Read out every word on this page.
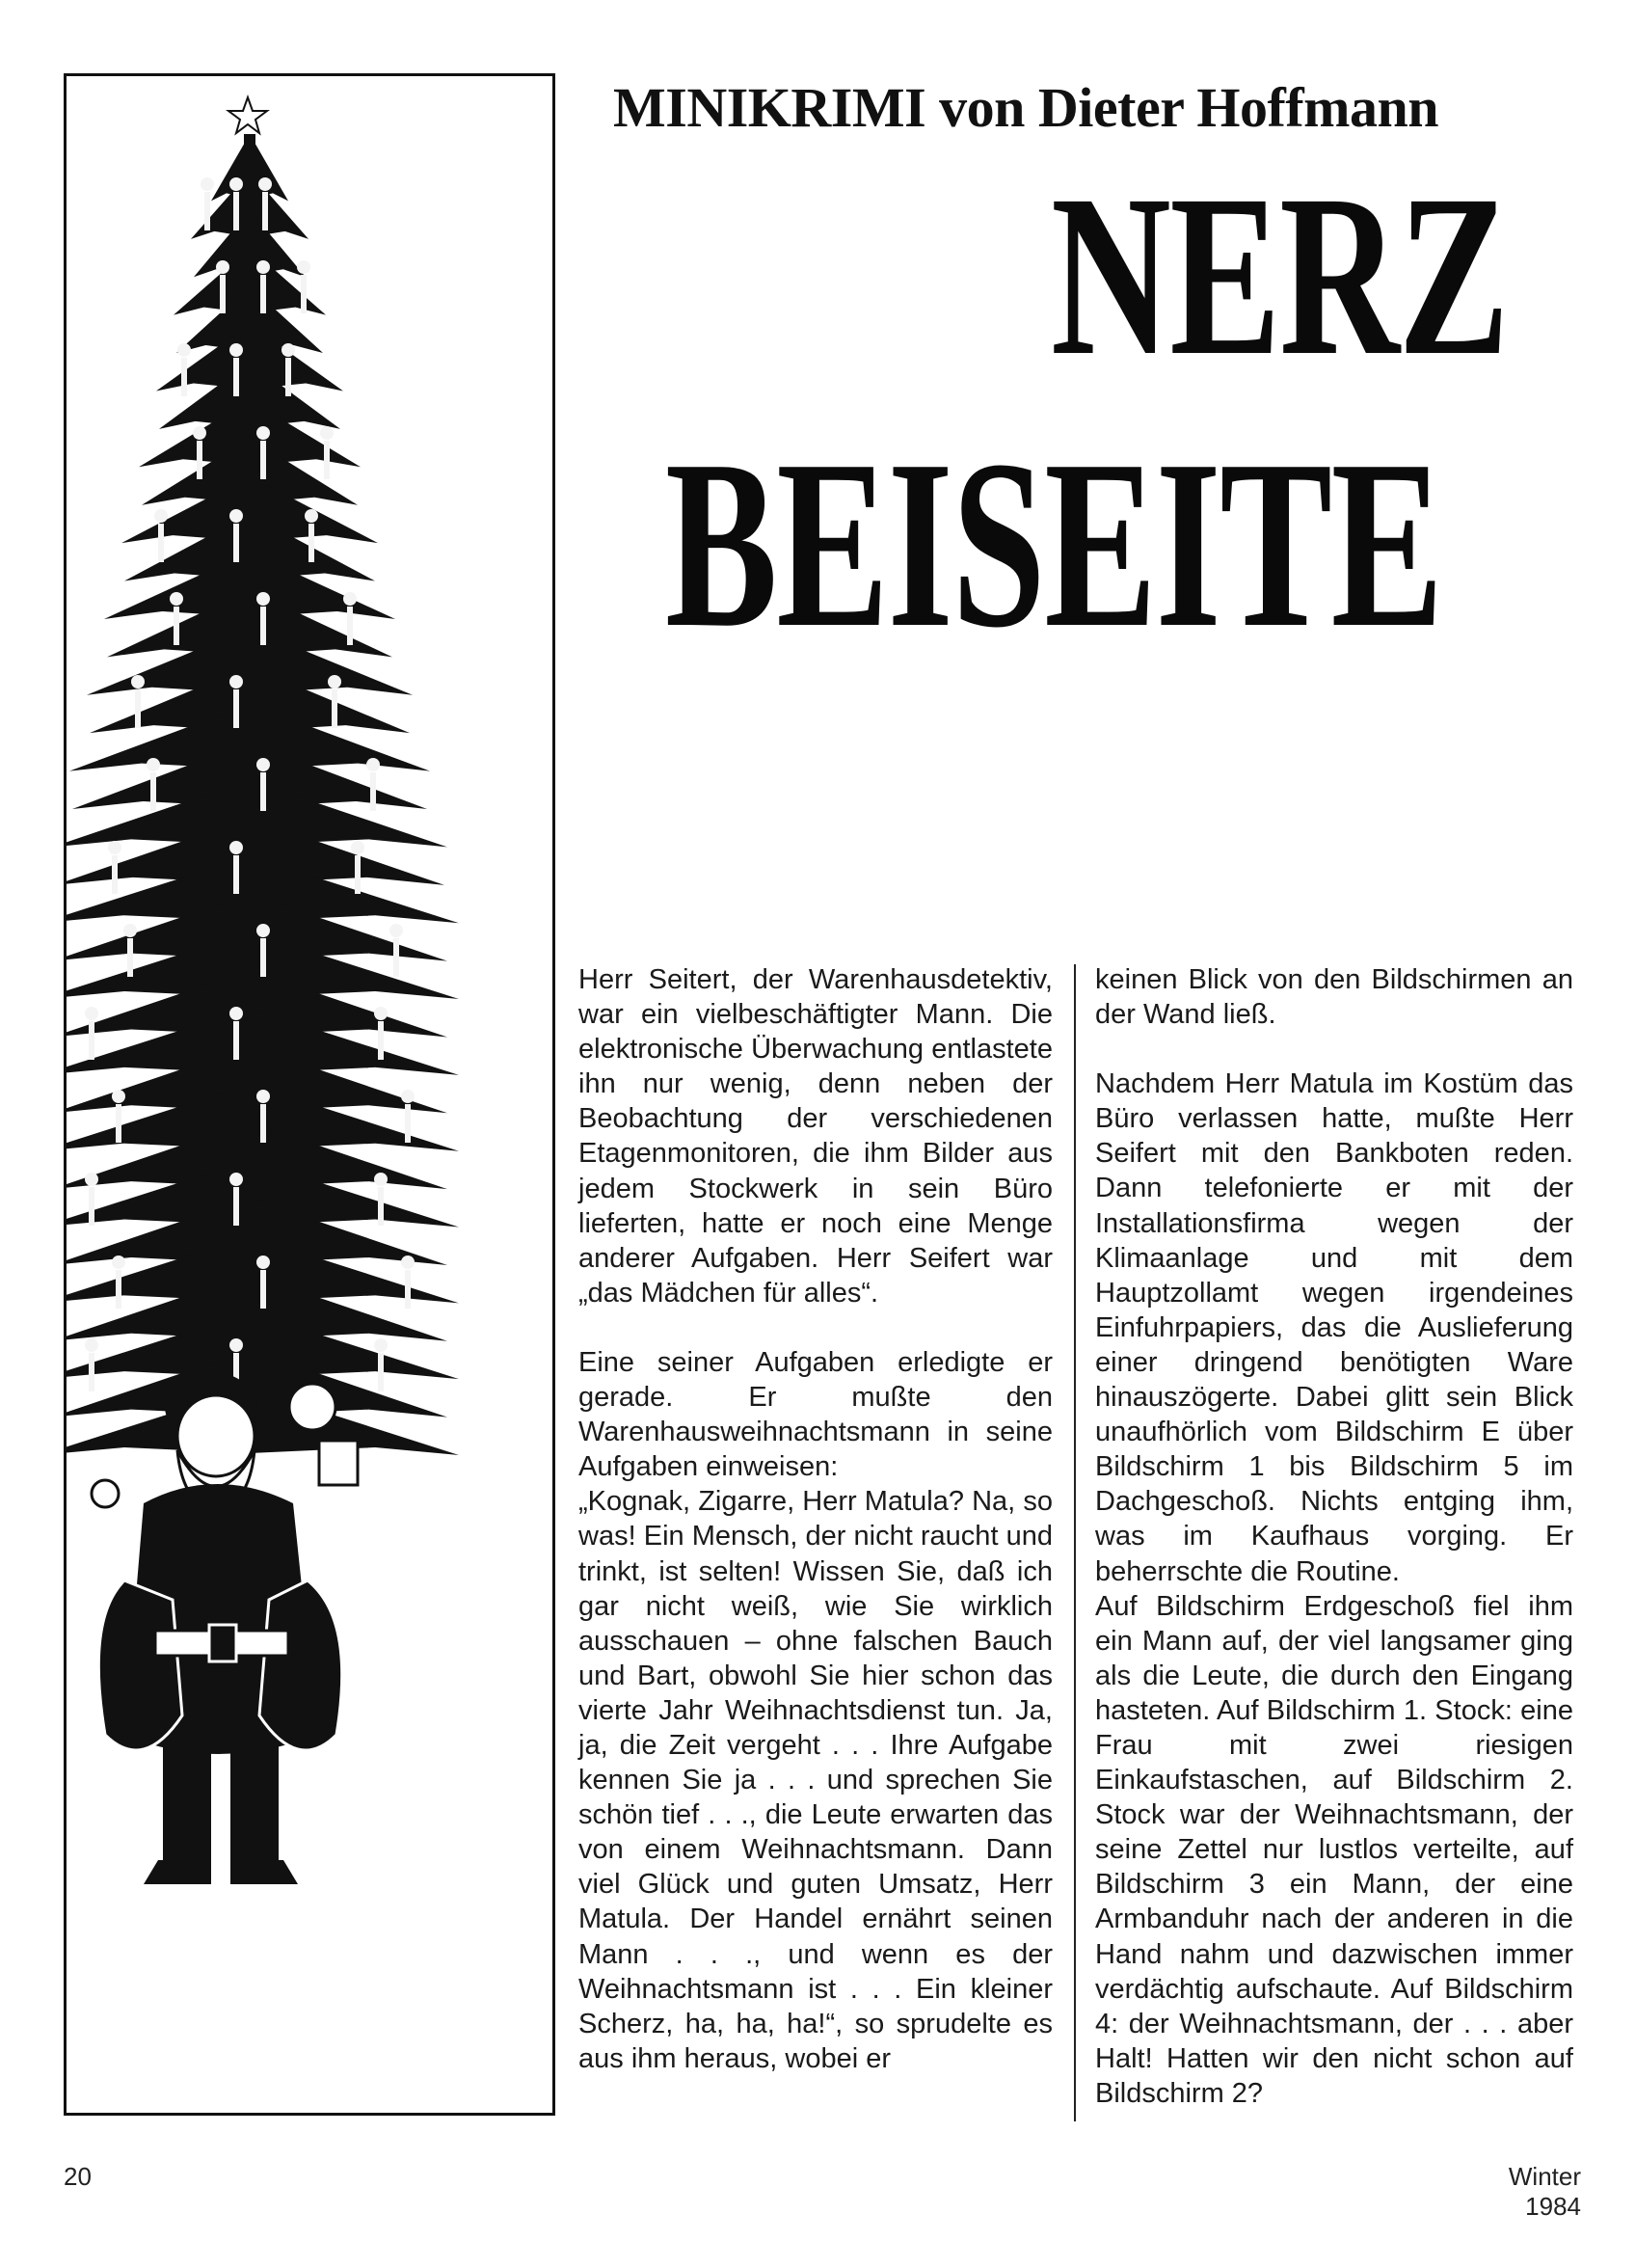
MINIKRIMI von Dieter Hoffmann
NERZ
BEISEITE

Herr Seitert, der Warenhausdetektiv, war ein vielbeschäftigter Mann. Die elektronische Überwachung entlastete ihn nur wenig, denn neben der Beobachtung der verschiedenen Etagenmonitoren, die ihm Bilder aus jedem Stockwerk in sein Büro lieferten, hatte er noch eine Menge anderer Aufgaben. Herr Seifert war „das Mädchen für alles“.

Eine seiner Aufgaben erledigte er gerade. Er mußte den Warenhausweihnachtsmann in seine Aufgaben einweisen:

„Kognak, Zigarre, Herr Matula? Na, so was! Ein Mensch, der nicht raucht und trinkt, ist selten! Wissen Sie, daß ich gar nicht weiß, wie Sie wirklich ausschauen – ohne falschen Bauch und Bart, obwohl Sie hier schon das vierte Jahr Weihnachtsdienst tun. Ja, ja, die Zeit vergeht . . . Ihre Aufgabe kennen Sie ja . . . und sprechen Sie schön tief . . ., die Leute erwarten das von einem Weihnachtsmann. Dann viel Glück und guten Umsatz, Herr Matula. Der Handel ernährt seinen Mann . . ., und wenn es der Weihnachtsmann ist . . . Ein kleiner Scherz, ha, ha, ha!“, so sprudelte es aus ihm heraus, wobei er

keinen Blick von den Bildschirmen an der Wand ließ.

Nachdem Herr Matula im Kostüm das Büro verlassen hatte, mußte Herr Seifert mit den Bankboten reden. Dann telefonierte er mit der Installationsfirma wegen der Klimaanlage und mit dem Hauptzollamt wegen irgendeines Einfuhrpapiers, das die Auslieferung einer dringend benötigten Ware hinauszögerte. Dabei glitt sein Blick unaufhörlich vom Bildschirm E über Bildschirm 1 bis Bildschirm 5 im Dachgeschoß. Nichts entging ihm, was im Kaufhaus vorging. Er beherrschte die Routine.

Auf Bildschirm Erdgeschoß fiel ihm ein Mann auf, der viel langsamer ging als die Leute, die durch den Eingang hasteten. Auf Bildschirm 1. Stock: eine Frau mit zwei riesigen Einkaufstaschen, auf Bildschirm 2. Stock war der Weihnachtsmann, der seine Zettel nur lustlos verteilte, auf Bildschirm 3 ein Mann, der eine Armbanduhr nach der anderen in die Hand nahm und dazwischen immer verdächtig aufschaute. Auf Bildschirm 4: der Weihnachtsmann, der . . . aber Halt! Hatten wir den nicht schon auf Bildschirm 2?

20	Winter 1984
